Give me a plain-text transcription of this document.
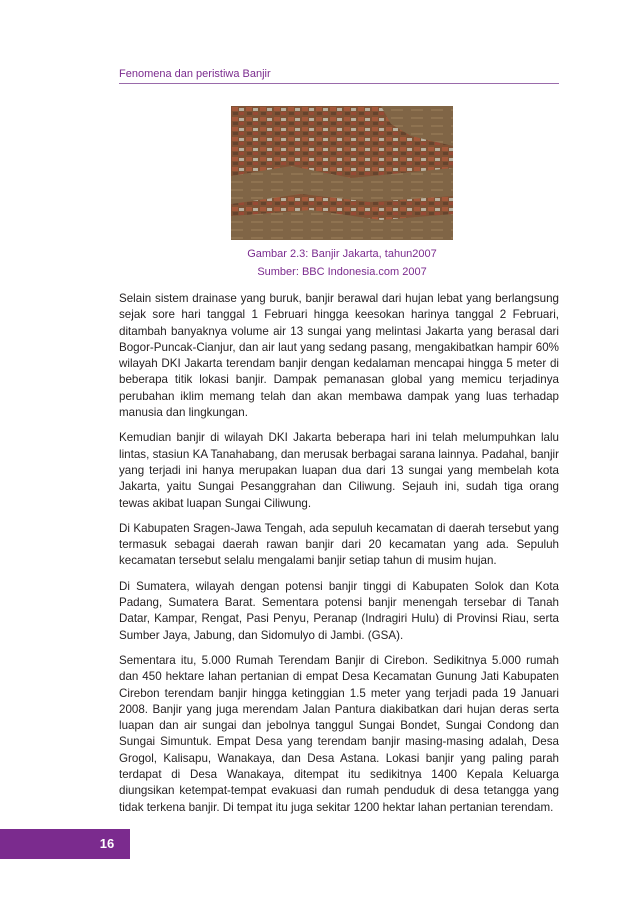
Fenomena dan peristiwa Banjir
Gambar 2.3: Banjir Jakarta, tahun2007
Sumber: BBC Indonesia.com 2007

Selain sistem drainase yang buruk, banjir berawal dari hujan lebat yang berlangsung sejak sore hari tanggal 1 Februari hingga keesokan harinya tanggal 2 Februari, ditambah banyaknya volume air 13 sungai yang melintasi Jakarta yang berasal dari Bogor-Puncak-Cianjur, dan air laut yang sedang pasang, mengakibatkan hampir 60% wilayah DKI Jakarta terendam banjir dengan kedalaman mencapai hingga 5 meter di beberapa titik lokasi banjir. Dampak pemanasan global yang memicu terjadinya perubahan iklim memang telah dan akan membawa dampak yang luas terhadap manusia dan lingkungan.

Kemudian banjir di wilayah DKI Jakarta beberapa hari ini telah melumpuhkan lalu lintas, stasiun KA Tanahabang, dan merusak berbagai sarana lainnya. Padahal, banjir yang terjadi ini hanya merupakan luapan dua dari 13 sungai yang membelah kota Jakarta, yaitu Sungai Pesanggrahan dan Ciliwung. Sejauh ini, sudah tiga orang tewas akibat luapan Sungai Ciliwung.

Di Kabupaten Sragen-Jawa Tengah, ada sepuluh kecamatan di daerah tersebut yang termasuk sebagai daerah rawan banjir dari 20 kecamatan yang ada. Sepuluh kecamatan tersebut selalu mengalami banjir setiap tahun di musim hujan.

Di Sumatera, wilayah dengan potensi banjir tinggi di Kabupaten Solok dan Kota Padang, Sumatera Barat. Sementara potensi banjir menengah tersebar di Tanah Datar, Kampar, Rengat, Pasi Penyu, Peranap (Indragiri Hulu) di Provinsi Riau, serta Sumber Jaya, Jabung, dan Sidomulyo di Jambi. (GSA).

Sementara itu, 5.000 Rumah Terendam Banjir di Cirebon. Sedikitnya 5.000 rumah dan 450 hektare lahan pertanian di empat Desa Kecamatan Gunung Jati Kabupaten Cirebon terendam banjir hingga ketinggian 1.5 meter yang terjadi pada 19 Januari 2008. Banjir yang juga merendam Jalan Pantura diakibatkan dari hujan deras serta luapan dan air sungai dan jebolnya tanggul Sungai Bondet, Sungai Condong dan Sungai Simuntuk. Empat Desa yang terendam banjir masing-masing adalah, Desa Grogol, Kalisapu, Wanakaya, dan Desa Astana. Lokasi banjir yang paling parah terdapat di Desa Wanakaya, ditempat itu sedikitnya 1400 Kepala Keluarga diungsikan ketempat-tempat evakuasi dan rumah penduduk di desa tetangga yang tidak terkena banjir. Di tempat itu juga sekitar 1200 hektar lahan pertanian terendam.

16
